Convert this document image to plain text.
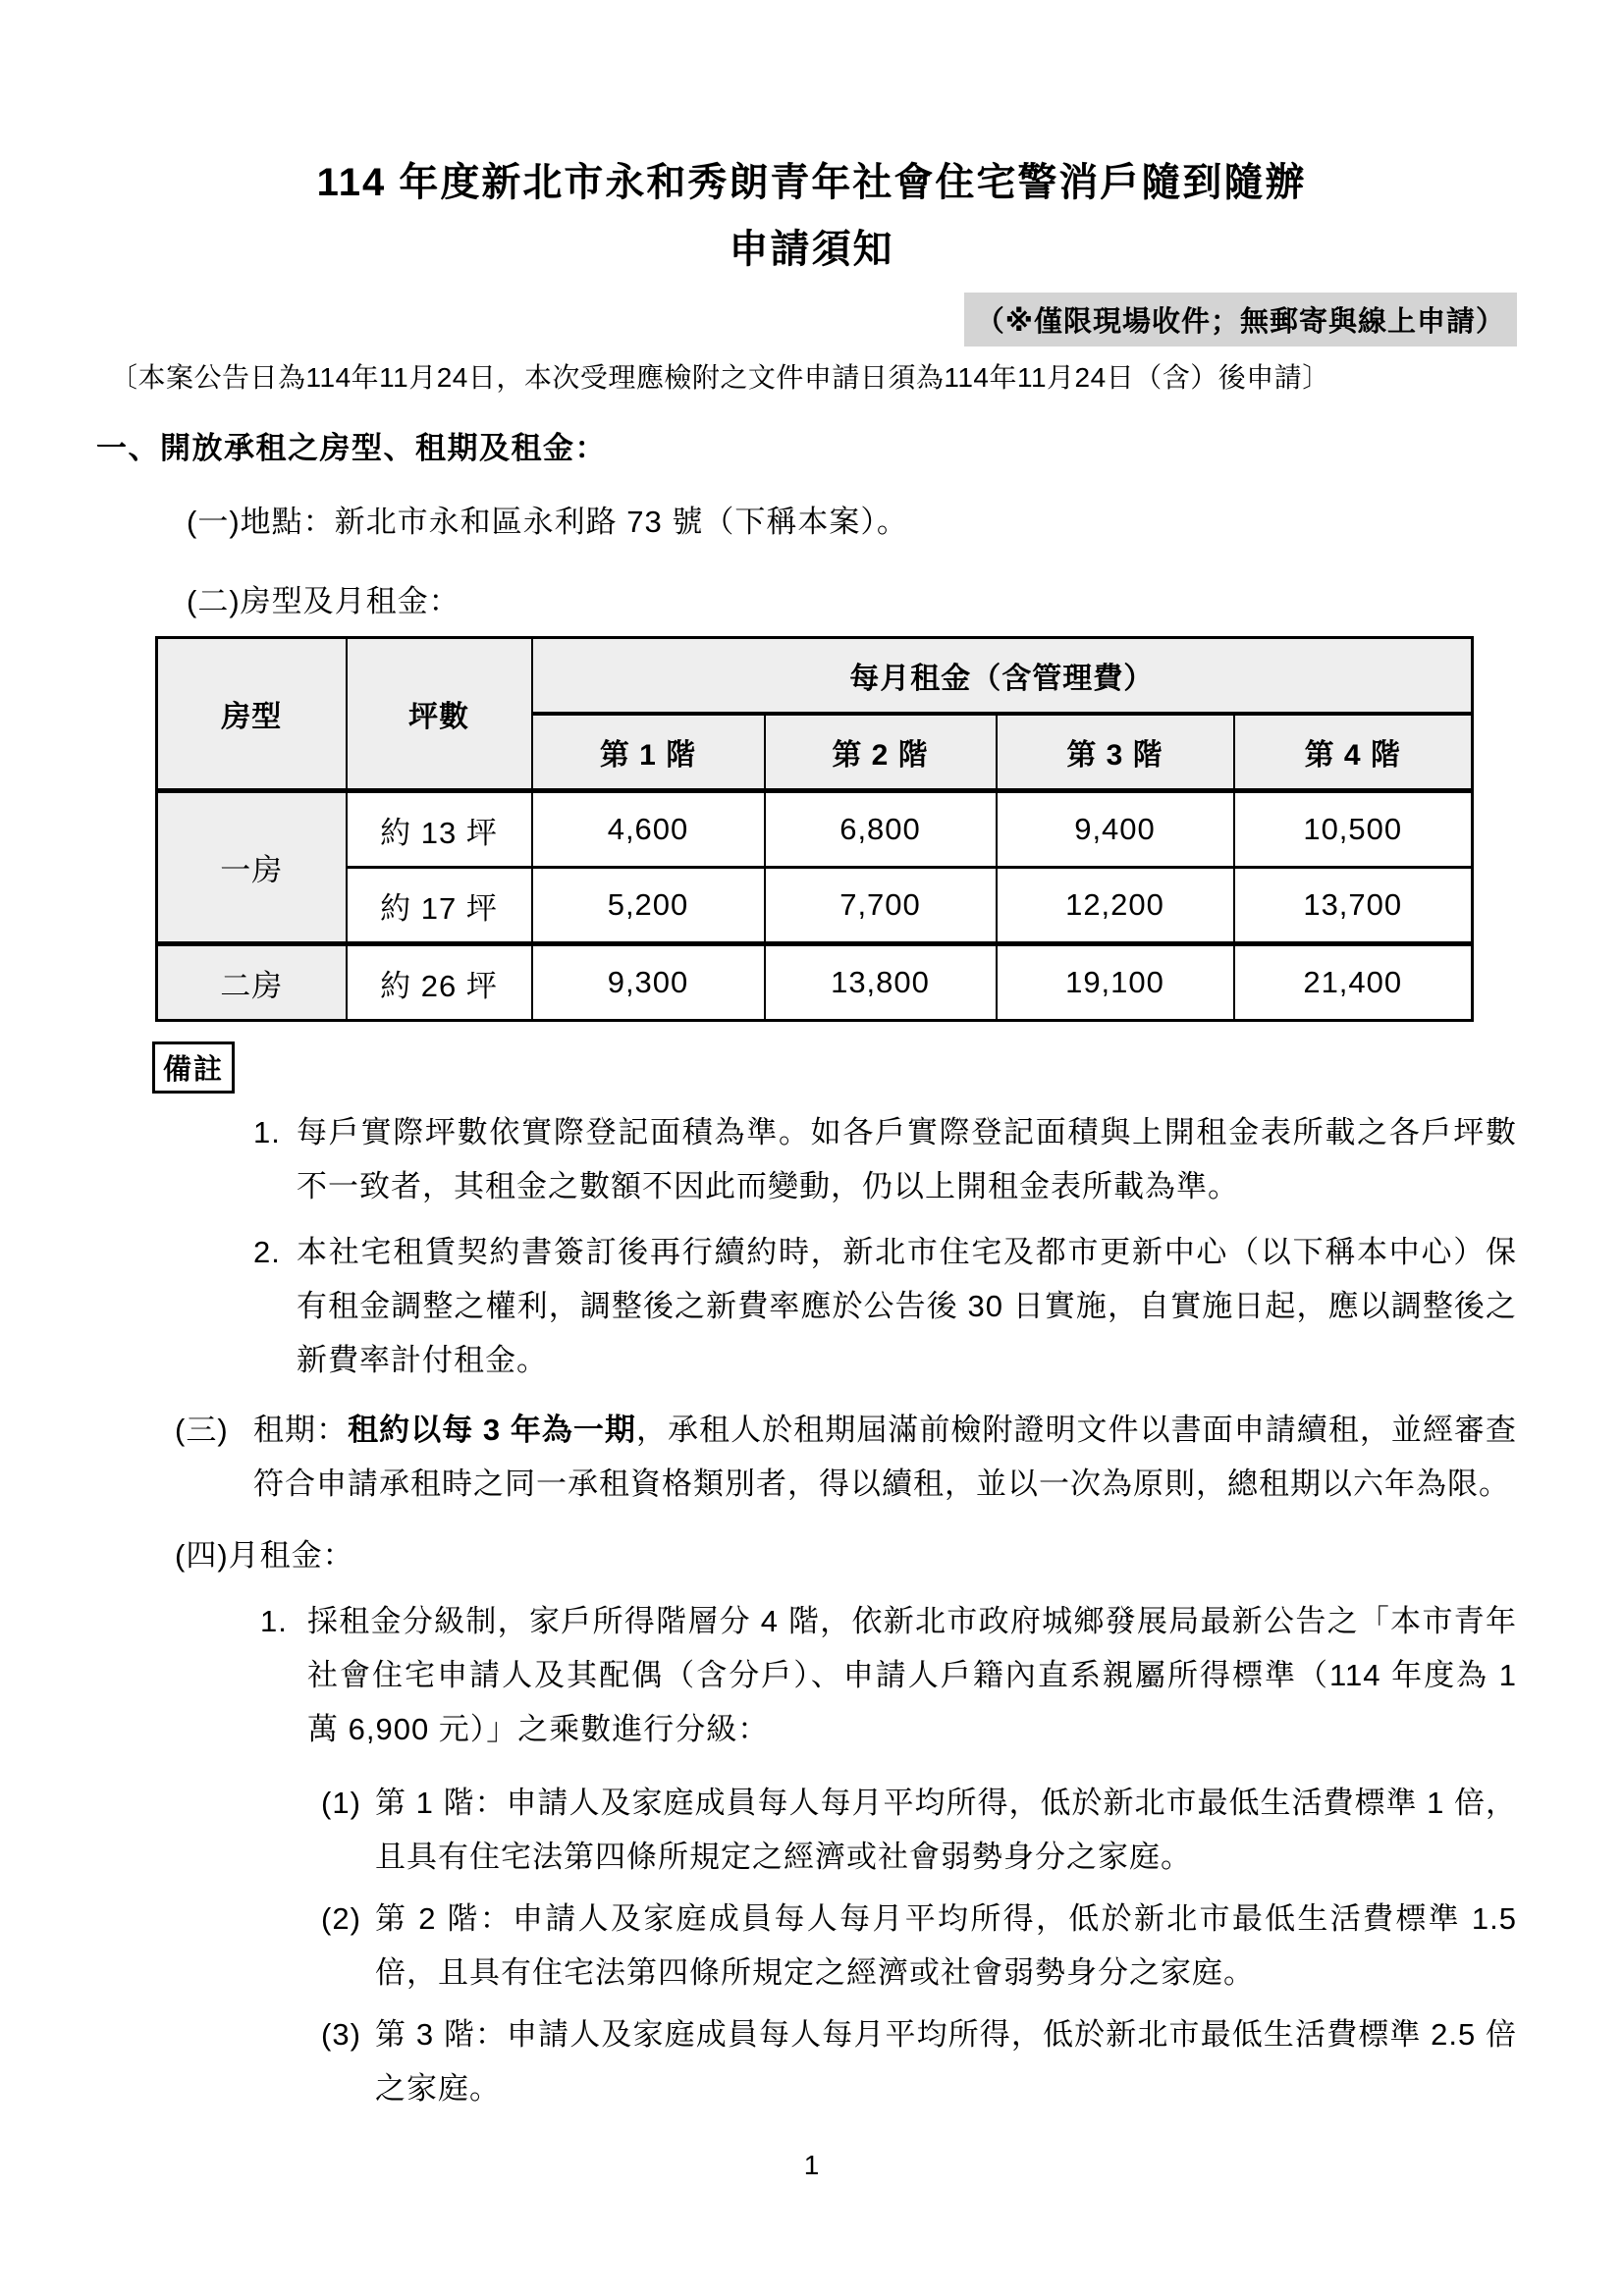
114 年度新北市永和秀朗青年社會住宅警消戶隨到隨辦
申請須知
（※僅限現場收件；無郵寄與線上申請）
〔本案公告日為114年11月24日，本次受理應檢附之文件申請日須為114年11月24日（含）後申請〕
一、開放承租之房型、租期及租金：
(一)地點：新北市永和區永利路 73 號（下稱本案）。
(二)房型及月租金：
房型	坪數	每月租金（含管理費）			
		第 1 階	第 2 階	第 3 階	第 4 階
一房	約 13 坪	4,600	6,800	9,400	10,500
	約 17 坪	5,200	7,700	12,200	13,700
二房	約 26 坪	9,300	13,800	19,100	21,400
備註
1. 每戶實際坪數依實際登記面積為準。如各戶實際登記面積與上開租金表所載之各戶坪數不一致者，其租金之數額不因此而變動，仍以上開租金表所載為準。
2. 本社宅租賃契約書簽訂後再行續約時，新北市住宅及都市更新中心（以下稱本中心）保有租金調整之權利，調整後之新費率應於公告後 30 日實施，自實施日起，應以調整後之新費率計付租金。
(三) 租期：租約以每 3 年為一期，承租人於租期屆滿前檢附證明文件以書面申請續租，並經審查符合申請承租時之同一承租資格類別者，得以續租，並以一次為原則，總租期以六年為限。
(四)月租金：
1. 採租金分級制，家戶所得階層分 4 階，依新北市政府城鄉發展局最新公告之「本市青年社會住宅申請人及其配偶（含分戶）、申請人戶籍內直系親屬所得標準（114 年度為 1 萬 6,900 元）」之乘數進行分級：
(1) 第 1 階：申請人及家庭成員每人每月平均所得，低於新北市最低生活費標準 1 倍，且具有住宅法第四條所規定之經濟或社會弱勢身分之家庭。
(2) 第 2 階：申請人及家庭成員每人每月平均所得，低於新北市最低生活費標準 1.5 倍，且具有住宅法第四條所規定之經濟或社會弱勢身分之家庭。
(3) 第 3 階：申請人及家庭成員每人每月平均所得，低於新北市最低生活費標準 2.5 倍之家庭。
1
